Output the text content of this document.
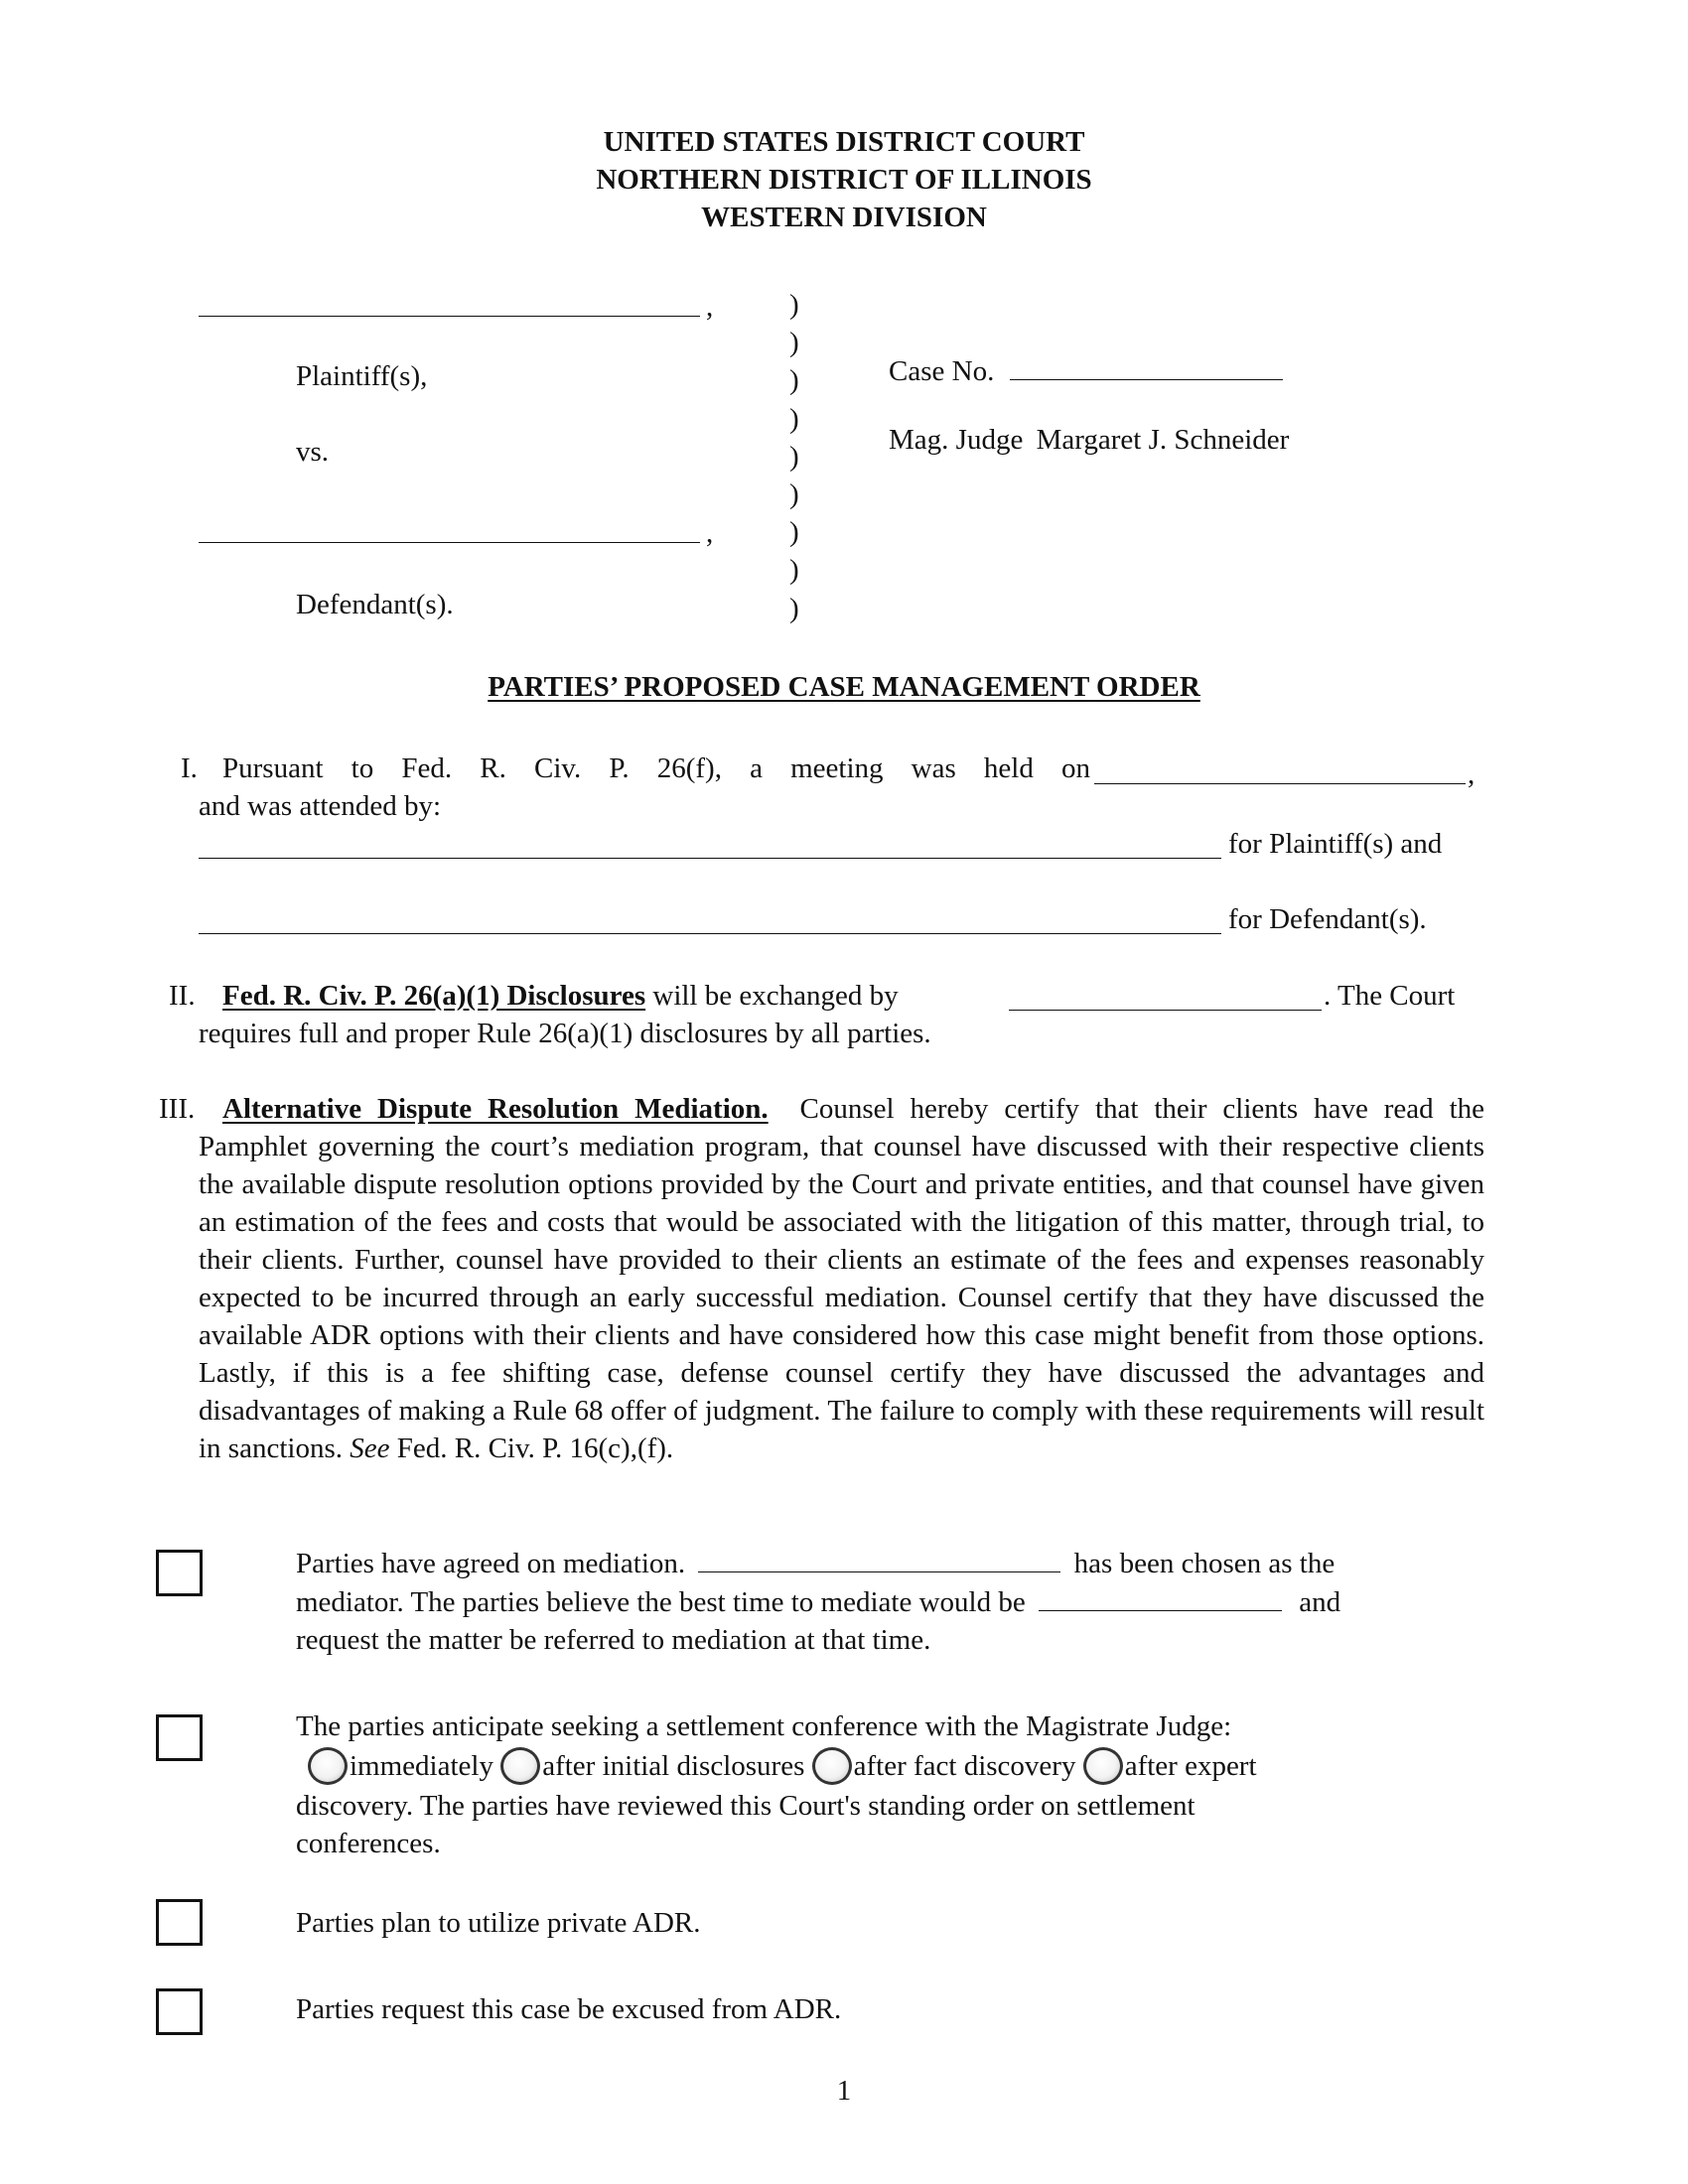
UNITED STATES DISTRICT COURT
NORTHERN DISTRICT OF ILLINOIS
WESTERN DIVISION
,
Plaintiff(s),
vs.
,
Defendant(s).
)
)
)
)
)
)
)
)
)
Case No.
Mag. Judge Margaret J. Schneider
PARTIES’ PROPOSED CASE MANAGEMENT ORDER
I. Pursuant to Fed. R. Civ. P. 26(f), a meeting was held on	,
and was attended by:
for Plaintiff(s) and
for Defendant(s).
II. Fed. R. Civ. P. 26(a)(1) Disclosures will be exchanged by	. The Court
requires full and proper Rule 26(a)(1) disclosures by all parties.
III. Alternative Dispute Resolution Mediation. Counsel hereby certify that their clients have read the Pamphlet governing the court’s mediation program, that counsel have discussed with their respective clients the available dispute resolution options provided by the Court and private entities, and that counsel have given an estimation of the fees and costs that would be associated with the litigation of this matter, through trial, to their clients. Further, counsel have provided to their clients an estimate of the fees and expenses reasonably expected to be incurred through an early successful mediation. Counsel certify that they have discussed the available ADR options with their clients and have considered how this case might benefit from those options. Lastly, if this is a fee shifting case, defense counsel certify they have discussed the advantages and disadvantages of making a Rule 68 offer of judgment. The failure to comply with these requirements will result in sanctions. See Fed. R. Civ. P. 16(c),(f).
Parties have agreed on mediation.	has been chosen as the
mediator. The parties believe the best time to mediate would be	and
request the matter be referred to mediation at that time.
The parties anticipate seeking a settlement conference with the Magistrate Judge:
immediately after initial disclosures after fact discovery after expert
discovery. The parties have reviewed this Court's standing order on settlement
conferences.
Parties plan to utilize private ADR.
Parties request this case be excused from ADR.
1
